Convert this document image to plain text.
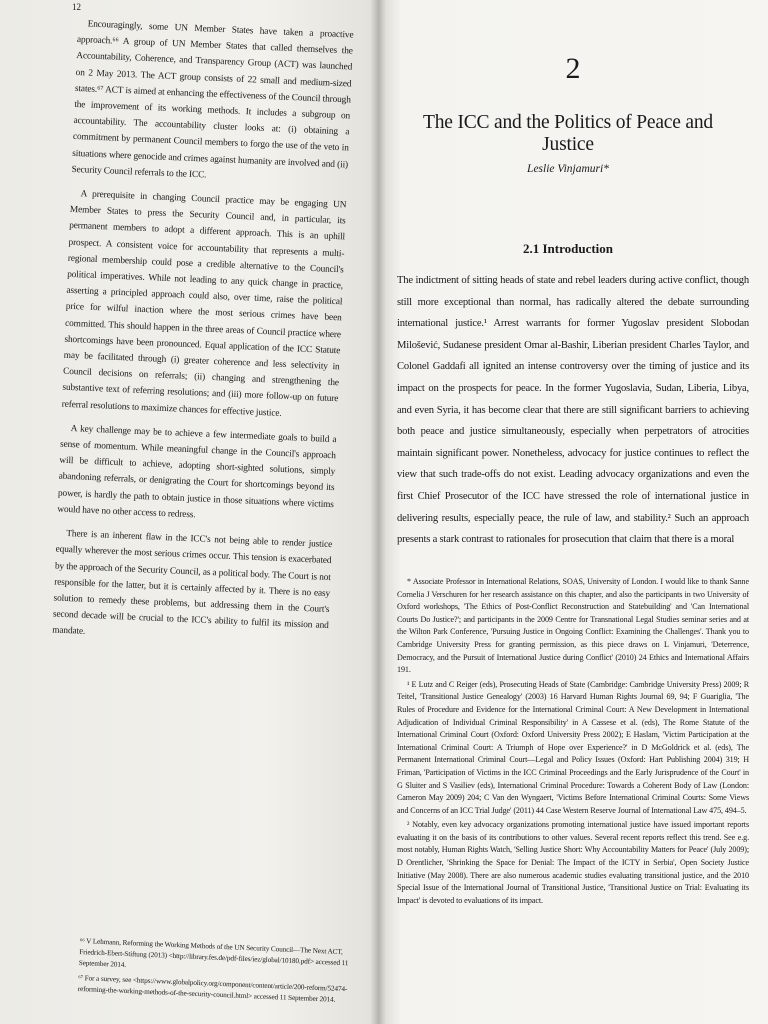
12

Encouragingly, some UN Member States have taken a proactive approach.⁶⁶ A group of UN Member States that called themselves the Accountability, Coherence, and Transparency Group (ACT) was launched on 2 May 2013. The ACT group consists of 22 small and medium-sized states.⁶⁷ ACT is aimed at enhancing the effectiveness of the Council through the improvement of its working methods. It includes a subgroup on accountability. The accountability cluster looks at: (i) obtaining a commitment by permanent Council members to forgo the use of the veto in situations where genocide and crimes against humanity are involved and (ii) Security Council referrals to the ICC.

A prerequisite in changing Council practice may be engaging UN Member States to press the Security Council and, in particular, its permanent members to adopt a different approach. This is an uphill prospect. A consistent voice for accountability that represents a multi-regional membership could pose a credible alternative to the Council's political imperatives. While not leading to any quick change in practice, asserting a principled approach could also, over time, raise the political price for wilful inaction where the most serious crimes have been committed. This should happen in the three areas of Council practice where shortcomings have been pronounced. Equal application of the ICC Statute may be facilitated through (i) greater coherence and less selectivity in Council decisions on referrals; (ii) changing and strengthening the substantive text of referring resolutions; and (iii) more follow-up on future referral resolutions to maximize chances for effective justice.

A key challenge may be to achieve a few intermediate goals to build a sense of momentum. While meaningful change in the Council's approach will be difficult to achieve, adopting short-sighted solutions, simply abandoning referrals, or denigrating the Court for shortcomings beyond its power, is hardly the path to obtain justice in those situations where victims would have no other access to redress.

There is an inherent flaw in the ICC's not being able to render justice equally wherever the most serious crimes occur. This tension is exacerbated by the approach of the Security Council, as a political body. The Court is not responsible for the latter, but it is certainly affected by it. There is no easy solution to remedy these problems, but addressing them in the Court's second decade will be crucial to the ICC's ability to fulfil its mission and mandate.

⁶⁶ V Lehmann, Reforming the Working Methods of the UN Security Council—The Next ACT, Friedrich-Ebert-Stiftung (2013) <http://library.fes.de/pdf-files/iez/global/10180.pdf> accessed 11 September 2014.

⁶⁷ For a survey, see <https://www.globalpolicy.org/component/content/article/200-reform/52474-reforming-the-working-methods-of-the-security-council.html> accessed 11 September 2014.

2
The ICC and the Politics of Peace and Justice
Leslie Vinjamuri*
2.1 Introduction

The indictment of sitting heads of state and rebel leaders during active conflict, though still more exceptional than normal, has radically altered the debate surrounding international justice.¹ Arrest warrants for former Yugoslav president Slobodan Milošević, Sudanese president Omar al-Bashir, Liberian president Charles Taylor, and Colonel Gaddafi all ignited an intense controversy over the timing of justice and its impact on the prospects for peace. In the former Yugoslavia, Sudan, Liberia, Libya, and even Syria, it has become clear that there are still significant barriers to achieving both peace and justice simultaneously, especially when perpetrators of atrocities maintain significant power. Nonetheless, advocacy for justice continues to reflect the view that such trade-offs do not exist. Leading advocacy organizations and even the first Chief Prosecutor of the ICC have stressed the role of international justice in delivering results, especially peace, the rule of law, and stability.² Such an approach presents a stark contrast to rationales for prosecution that claim that there is a moral

* Associate Professor in International Relations, SOAS, University of London. I would like to thank Sanne Cornelia J Verschuren for her research assistance on this chapter, and also the participants in two University of Oxford workshops, 'The Ethics of Post-Conflict Reconstruction and Statebuilding' and 'Can International Courts Do Justice?'; and participants in the 2009 Centre for Transnational Legal Studies seminar series and at the Wilton Park Conference, 'Pursuing Justice in Ongoing Conflict: Examining the Challenges'. Thank you to Cambridge University Press for granting permission, as this piece draws on L Vinjamuri, 'Deterrence, Democracy, and the Pursuit of International Justice during Conflict' (2010) 24 Ethics and International Affairs 191.

¹ E Lutz and C Reiger (eds), Prosecuting Heads of State (Cambridge: Cambridge University Press) 2009; R Teitel, 'Transitional Justice Genealogy' (2003) 16 Harvard Human Rights Journal 69, 94; F Guariglia, 'The Rules of Procedure and Evidence for the International Criminal Court: A New Development in International Adjudication of Individual Criminal Responsibility' in A Cassese et al. (eds), The Rome Statute of the International Criminal Court (Oxford: Oxford University Press 2002); E Haslam, 'Victim Participation at the International Criminal Court: A Triumph of Hope over Experience?' in D McGoldrick et al. (eds), The Permanent International Criminal Court—Legal and Policy Issues (Oxford: Hart Publishing 2004) 319; H Friman, 'Participation of Victims in the ICC Criminal Proceedings and the Early Jurisprudence of the Court' in G Sluiter and S Vasiliev (eds), International Criminal Procedure: Towards a Coherent Body of Law (London: Cameron May 2009) 204; C Van den Wyngaert, 'Victims Before International Criminal Courts: Some Views and Concerns of an ICC Trial Judge' (2011) 44 Case Western Reserve Journal of International Law 475, 494–5.

² Notably, even key advocacy organizations promoting international justice have issued important reports evaluating it on the basis of its contributions to other values. Several recent reports reflect this trend. See e.g. most notably, Human Rights Watch, 'Selling Justice Short: Why Accountability Matters for Peace' (July 2009); D Orentlicher, 'Shrinking the Space for Denial: The Impact of the ICTY in Serbia', Open Society Justice Initiative (May 2008). There are also numerous academic studies evaluating transitional justice, and the 2010 Special Issue of the International Journal of Transitional Justice, 'Transitional Justice on Trial: Evaluating its Impact' is devoted to evaluations of its impact.
